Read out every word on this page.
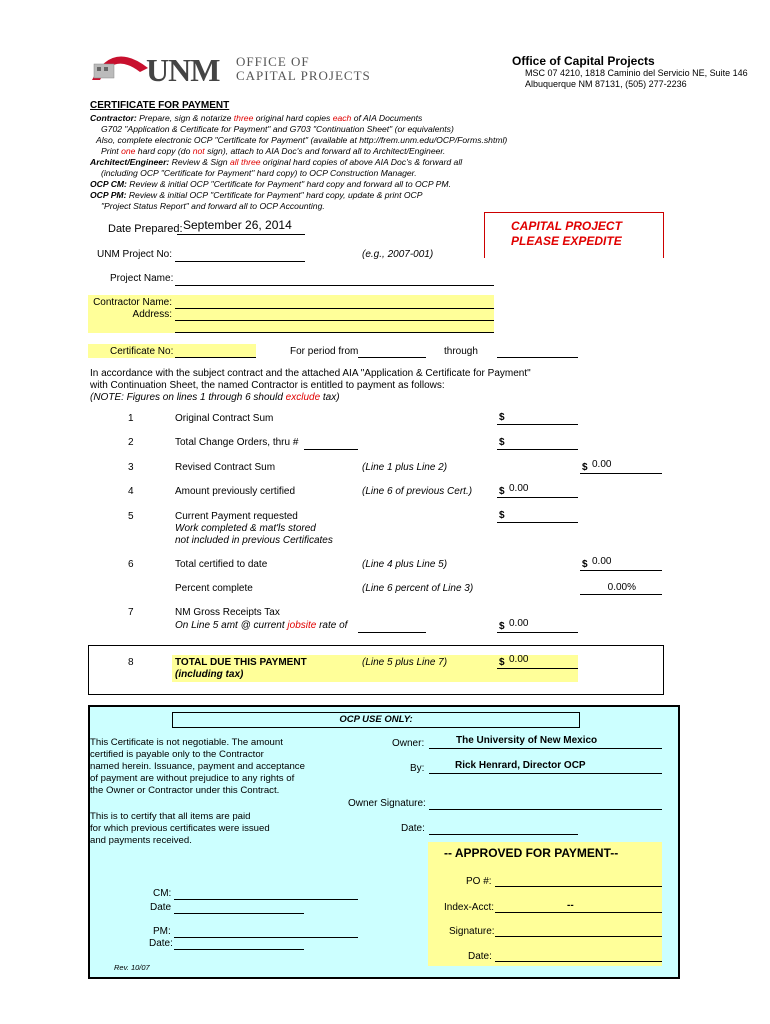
UNM OFFICE OF
CAPITAL PROJECTS
Office of Capital Projects
MSC 07 4210, 1818 Caminio del Servicio NE, Suite 146
Albuquerque NM 87131, (505) 277-2236
CERTIFICATE FOR PAYMENT
Contractor: Prepare, sign & notarize three original hard copies each of AIA Documents
G702 "Application & Certificate for Payment" and G703 "Continuation Sheet" (or equivalents)
Also, complete electronic OCP "Certificate for Payment" (available at http://frem.unm.edu/OCP/Forms.shtml)
Print one hard copy (do not sign), attach to AIA Doc's and forward all to Architect/Engineer.
Architect/Engineer: Review & Sign all three original hard copies of above AIA Doc's & forward all
(including OCP "Certificate for Payment" hard copy) to OCP Construction Manager.
OCP CM: Review & initial OCP "Certificate for Payment" hard copy and forward all to OCP PM.
OCP PM: Review & initial OCP "Certificate for Payment" hard copy, update & print OCP
"Project Status Report" and forward all to OCP Accounting.
Date Prepared: September 26, 2014
UNM Project No:	(e.g., 2007-001)
CAPITAL PROJECT
PLEASE EXPEDITE
Project Name:
Contractor Name:
Address:
Certificate No:	For period from	through
In accordance with the subject contract and the attached AIA "Application & Certificate for Payment"
with Continuation Sheet, the named Contractor is entitled to payment as follows:
(NOTE: Figures on lines 1 through 6 should exclude tax)
1	Original Contract Sum	$
2	Total Change Orders, thru #	$
3	Revised Contract Sum	(Line 1 plus Line 2)	$ 0.00
4	Amount previously certified	(Line 6 of previous Cert.)	$ 0.00
5	Current Payment requested
Work completed & mat'ls stored
not included in previous Certificates
$
6	Total certified to date	(Line 4 plus Line 5)	$ 0.00
Percent complete	(Line 6 percent of Line 3)	0.00%
7	NM Gross Receipts Tax
On Line 5 amt @ current jobsite rate of	$ 0.00
8	TOTAL DUE THIS PAYMENT
(including tax)
(Line 5 plus Line 7)	$ 0.00
OCP USE ONLY:
This Certificate is not negotiable. The amount
certified is payable only to the Contractor
named herein. Issuance, payment and acceptance
of payment are without prejudice to any rights of
the Owner or Contractor under this Contract.
This is to certify that all items are paid
for which previous certificates were issued
and payments received.
Owner:	The University of New Mexico
By:	Rick Henrard, Director OCP
Owner Signature:
Date:
-- APPROVED FOR PAYMENT--
PO #:
Index-Acct:	--
Signature:
Date:
CM:
Date
PM:
Date:
Rev. 10/07
